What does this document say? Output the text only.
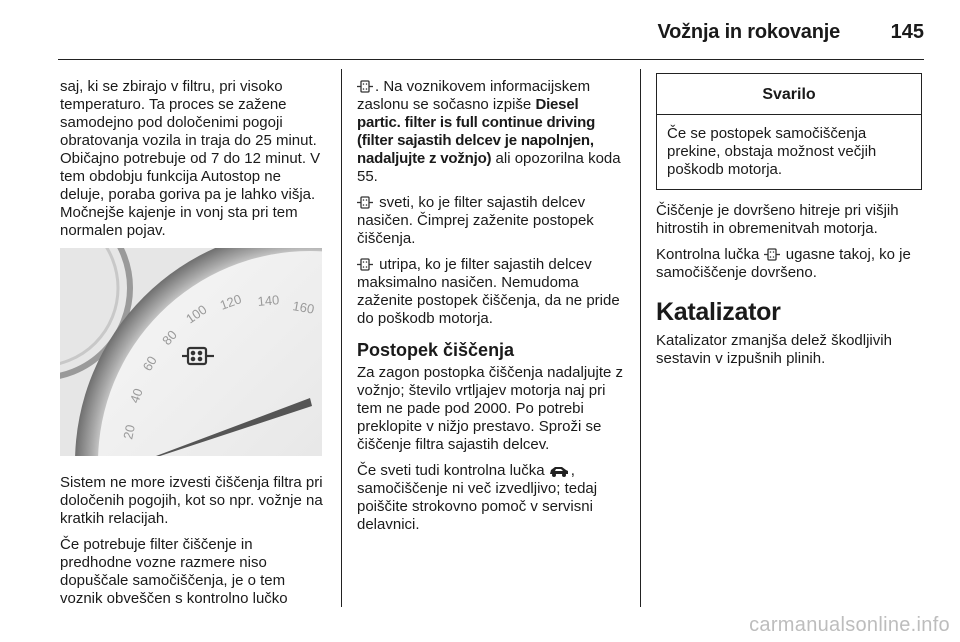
Vožnja in rokovanje	145

saj, ki se zbirajo v filtru, pri visoko temperaturo. Ta proces se zažene samodejno pod določenimi pogoji obratovanja vozila in traja do 25 minut. Običajno potrebuje od 7 do 12 minut. V tem obdobju funkcija Autostop ne deluje, poraba goriva pa je lahko višja. Močnejše kajenje in vonj sta pri tem normalen pojav.

20
40
60
80
100 120 140 160

Sistem ne more izvesti čiščenja filtra pri določenih pogojih, kot so npr. vožnje na kratkih relacijah.

Če potrebuje filter čiščenje in predhodne vozne razmere niso dopuščale samočiščenja, je o tem voznik obveščen s kontrolno lučko

. Na voznikovem informacijskem zaslonu se sočasno izpiše Diesel partic. filter is full continue driving (filter sajastih delcev je napolnjen, nadaljujte z vožnjo) ali opozorilna koda 55.

sveti, ko je filter sajastih delcev nasičen. Čimprej zaženite postopek čiščenja.

utripa, ko je filter sajastih delcev maksimalno nasičen. Nemudoma zaženite postopek čiščenja, da ne pride do poškodb motorja.

Postopek čiščenja

Za zagon postopka čiščenja nadaljujte z vožnjo; število vrtljajev motorja naj pri tem ne pade pod 2000. Po potrebi preklopite v nižjo prestavo. Sproži se čiščenje filtra sajastih delcev.

Če sveti tudi kontrolna lučka , samočiščenje ni več izvedljivo; tedaj poiščite strokovno pomoč v servisni delavnici.

Svarilo
Če se postopek samočiščenja prekine, obstaja možnost večjih poškodb motorja.

Čiščenje je dovršeno hitreje pri višjih hitrostih in obremenitvah motorja.

Kontrolna lučka ugasne takoj, ko je samočiščenje dovršeno.

Katalizator

Katalizator zmanjša delež škodljivih sestavin v izpušnih plinih.

carmanualsonline.info
